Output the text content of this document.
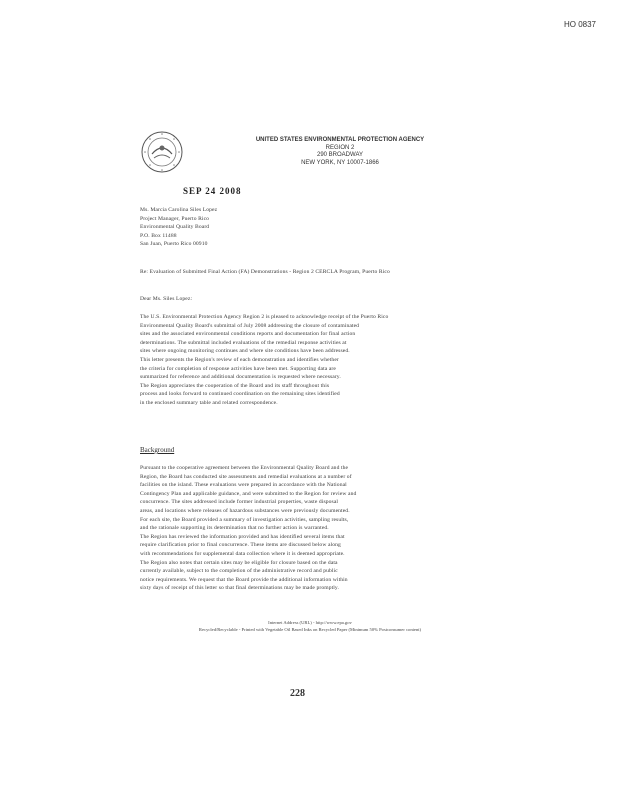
HO 0837
UNITED STATES ENVIRONMENTAL PROTECTION AGENCY
REGION 2
290 BROADWAY
NEW YORK, NY 10007-1866
SEP 24 2008
Ms. Marcia Carolina Siles Lopez
Project Manager, Puerto Rico
Environmental Quality Board
P.O. Box 11488
San Juan, Puerto Rico 00910
Re: Evaluation of Submitted Final Action (FA) Demonstrations - Region 2 CERCLA Program, Puerto Rico
Dear Ms. Siles Lopez:
The U.S. Environmental Protection Agency Region 2 is pleased to acknowledge receipt of the Puerto Rico
Environmental Quality Board's submittal of July 2008 addressing the closure of contaminated
sites and the associated environmental conditions reports and documentation for final action
determinations. The submittal included evaluations of the remedial response activities at
sites where ongoing monitoring continues and where site conditions have been addressed.
This letter presents the Region's review of each demonstration and identifies whether
the criteria for completion of response activities have been met. Supporting data are
summarized for reference and additional documentation is requested where necessary.
The Region appreciates the cooperation of the Board and its staff throughout this
process and looks forward to continued coordination on the remaining sites identified
in the enclosed summary table and related correspondence.
Background
Pursuant to the cooperative agreement between the Environmental Quality Board and the
Region, the Board has conducted site assessments and remedial evaluations at a number of
facilities on the island. These evaluations were prepared in accordance with the National
Contingency Plan and applicable guidance, and were submitted to the Region for review and
concurrence. The sites addressed include former industrial properties, waste disposal
areas, and locations where releases of hazardous substances were previously documented.
For each site, the Board provided a summary of investigation activities, sampling results,
and the rationale supporting its determination that no further action is warranted.
The Region has reviewed the information provided and has identified several items that
require clarification prior to final concurrence. These items are discussed below along
with recommendations for supplemental data collection where it is deemed appropriate.
The Region also notes that certain sites may be eligible for closure based on the data
currently available, subject to the completion of the administrative record and public
notice requirements. We request that the Board provide the additional information within
sixty days of receipt of this letter so that final determinations may be made promptly.
Internet Address (URL) - http://www.epa.gov
Recycled/Recyclable - Printed with Vegetable Oil Based Inks on Recycled Paper (Minimum 50% Postconsumer content)
228
